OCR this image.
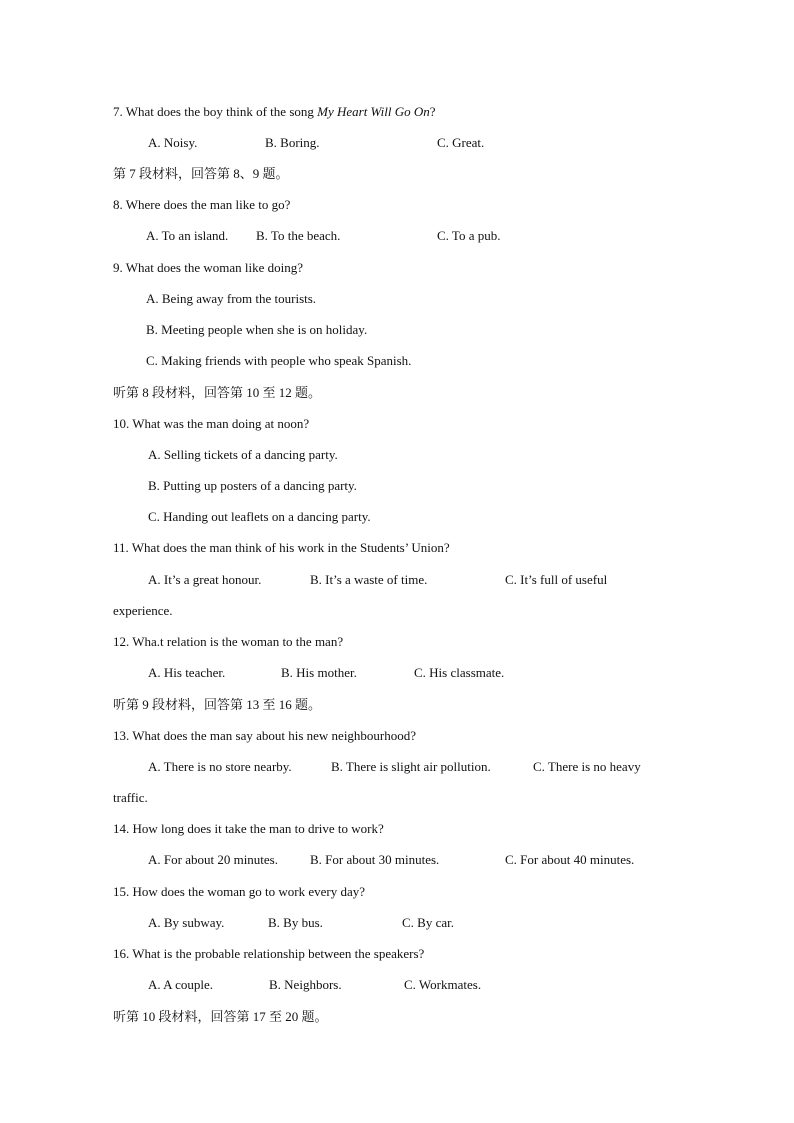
7. What does the boy think of the song My Heart Will Go On?
A. Noisy.	B. Boring.	C. Great.
第 7 段材料，回答第 8、9 题。
8. Where does the man like to go?
A. To an island. B. To the beach.	C. To a pub.
9. What does the woman like doing?
A. Being away from the tourists.
B. Meeting people when she is on holiday.
C. Making friends with people who speak Spanish.
听第 8 段材料，回答第 10 至 12 题。
10. What was the man doing at noon?
A. Selling tickets of a dancing party.
B. Putting up posters of a dancing party.
C. Handing out leaflets on a dancing party.
11. What does the man think of his work in the Students’ Union?
A. It’s a great honour.	B. It’s a waste of time.	C. It’s full of useful
experience.
12. Wha.t relation is the woman to the man?
A. His teacher.	B. His mother.	C. His classmate.
听第 9 段材料，回答第 13 至 16 题。
13. What does the man say about his new neighbourhood?
A. There is no store nearby.	B. There is slight air pollution.	C. There is no heavy
traffic.
14. How long does it take the man to drive to work?
A. For about 20 minutes. B. For about 30 minutes.	C. For about 40 minutes.
15. How does the woman go to work every day?
A. By subway.	B. By bus.	C. By car.
16. What is the probable relationship between the speakers?
A. A couple.	B. Neighbors.	C. Workmates.
听第 10 段材料，回答第 17 至 20 题。
